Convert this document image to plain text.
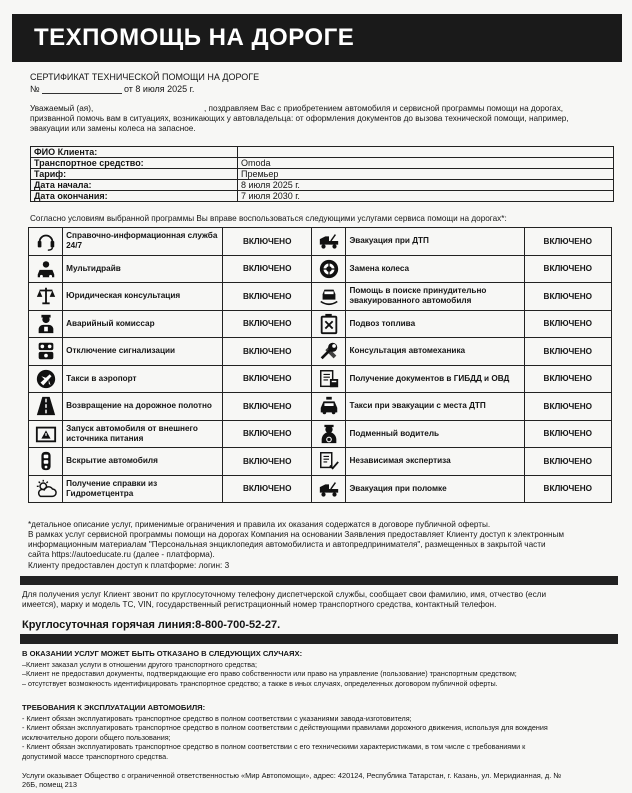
ТЕХПОМОЩЬ НА ДОРОГЕ
СЕРТИФИКАТ ТЕХНИЧЕСКОЙ ПОМОЩИ НА ДОРОГЕ
№	от 8 июля 2025 г.
Уважаемый (ая),	, поздравляем Вас с приобретением автомобиля и сервисной программы помощи на дорогах,
призванной помочь вам в ситуациях, возникающих у автовладельца: от оформления документов до вызова технической помощи, например,
эвакуации или замены колеса на запасное.
ФИО Клиента:	
Транспортное средство:	Omoda
Тариф:	Премьер
Дата начала:	8 июля 2025 г.
Дата окончания:	7 июля 2030 г.
Согласно условиям выбранной программы Вы вправе воспользоваться следующими услугами сервиса помощи на дорогах*:
	Справочно-информационная служба 24/7	ВКЛЮЧЕНО		Эвакуация при ДТП	ВКЛЮЧЕНО

	Мультидрайв	ВКЛЮЧЕНО		Замена колеса	ВКЛЮЧЕНО

	Юридическая консультация	ВКЛЮЧЕНО		Помощь в поиске принудительно эвакуированного автомобиля	ВКЛЮЧЕНО

	Аварийный комиссар	ВКЛЮЧЕНО		Подвоз топлива	ВКЛЮЧЕНО

	Отключение сигнализации	ВКЛЮЧЕНО		Консультация автомеханика	ВКЛЮЧЕНО

	Такси в аэропорт	ВКЛЮЧЕНО		Получение документов в ГИБДД и ОВД	ВКЛЮЧЕНО

	Возвращение на дорожное полотно	ВКЛЮЧЕНО		Такси при эвакуации с места ДТП	ВКЛЮЧЕНО

	Запуск автомобиля от внешнего источника питания	ВКЛЮЧЕНО		Подменный водитель	ВКЛЮЧЕНО

	Вскрытие автомобиля	ВКЛЮЧЕНО		Независимая экспертиза	ВКЛЮЧЕНО

	Получение справки из Гидрометцентра	ВКЛЮЧЕНО		Эвакуация при поломке	ВКЛЮЧЕНО
*детальное описание услуг, применимые ограничения и правила их оказания содержатся в договоре публичной оферты.
В рамках услуг сервисной программы помощи на дорогах Компания на основании Заявления предоставляет Клиенту доступ к электронным
информационным материалам "Персональная энциклопедия автомобилиста и автопредпринимателя", размещенных в закрытой части
сайта https://autoeducate.ru (далее - платформа).
Клиенту предоставлен доступ к платформе: логин: 3
Для получения услуг Клиент звонит по круглосуточному телефону диспетчерской службы, сообщает свои фамилию, имя, отчество (если
имеется), марку и модель ТС, VIN, государственный регистрационный номер транспортного средства, контактный телефон.
Круглосуточная горячая линия:8-800-700-52-27.
В ОКАЗАНИИ УСЛУГ МОЖЕТ БЫТЬ ОТКАЗАНО В СЛЕДУЮЩИХ СЛУЧАЯХ:
–Клиент заказал услуги в отношении другого транспортного средства;
–Клиент не предоставил документы, подтверждающие его право собственности или право на управление (пользование) транспортным средством;
– отсутствует возможность идентифицировать транспортное средство; а также в иных случаях, определенных договором публичной оферты.
ТРЕБОВАНИЯ К ЭКСПЛУАТАЦИИ АВТОМОБИЛЯ:
- Клиент обязан эксплуатировать транспортное средство в полном соответствии с указаниями завода-изготовителя;
- Клиент обязан эксплуатировать транспортное средство в полном соответствии с действующими правилами дорожного движения, используя для вождения
исключительно дороги общего пользования;
- Клиент обязан эксплуатировать транспортное средство в полном соответствии с его техническими характеристиками, в том числе с требованиями к
допустимой массе транспортного средства.
Услуги оказывает Общество с ограниченной ответственностью «Мир Автопомощи», адрес: 420124, Республика Татарстан, г. Казань, ул. Меридианная, д. №
26Б, помещ 213
